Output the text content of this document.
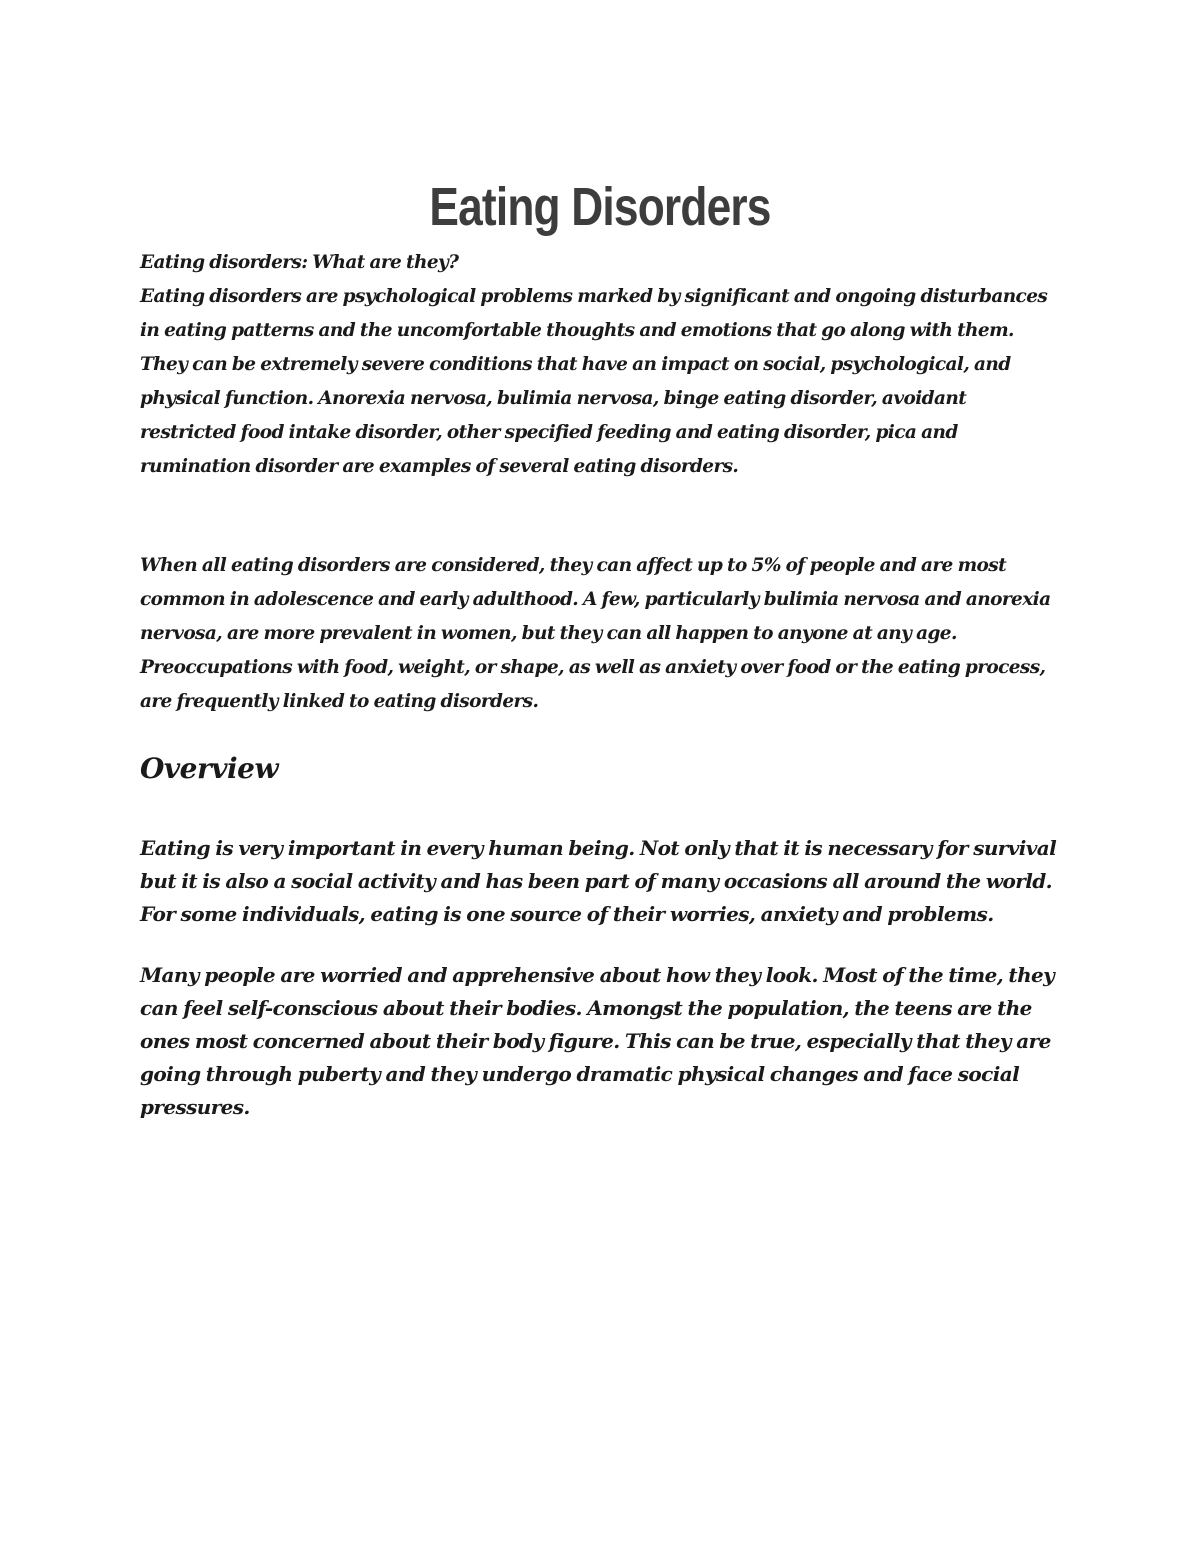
Eating Disorders

Eating disorders: What are they?
Eating disorders are psychological problems marked by significant and ongoing disturbances in eating patterns and the uncomfortable thoughts and emotions that go along with them. They can be extremely severe conditions that have an impact on social, psychological, and physical function. Anorexia nervosa, bulimia nervosa, binge eating disorder, avoidant restricted food intake disorder, other specified feeding and eating disorder, pica and rumination disorder are examples of several eating disorders.

When all eating disorders are considered, they can affect up to 5% of people and are most common in adolescence and early adulthood. A few, particularly bulimia nervosa and anorexia nervosa, are more prevalent in women, but they can all happen to anyone at any age. Preoccupations with food, weight, or shape, as well as anxiety over food or the eating process, are frequently linked to eating disorders.

Overview

Eating is very important in every human being. Not only that it is necessary for survival but it is also a social activity and has been part of many occasions all around the world. For some individuals, eating is one source of their worries, anxiety and problems.

Many people are worried and apprehensive about how they look. Most of the time, they can feel self-conscious about their bodies. Amongst the population, the teens are the ones most concerned about their body figure. This can be true, especially that they are going through puberty and they undergo dramatic physical changes and face social pressures.
